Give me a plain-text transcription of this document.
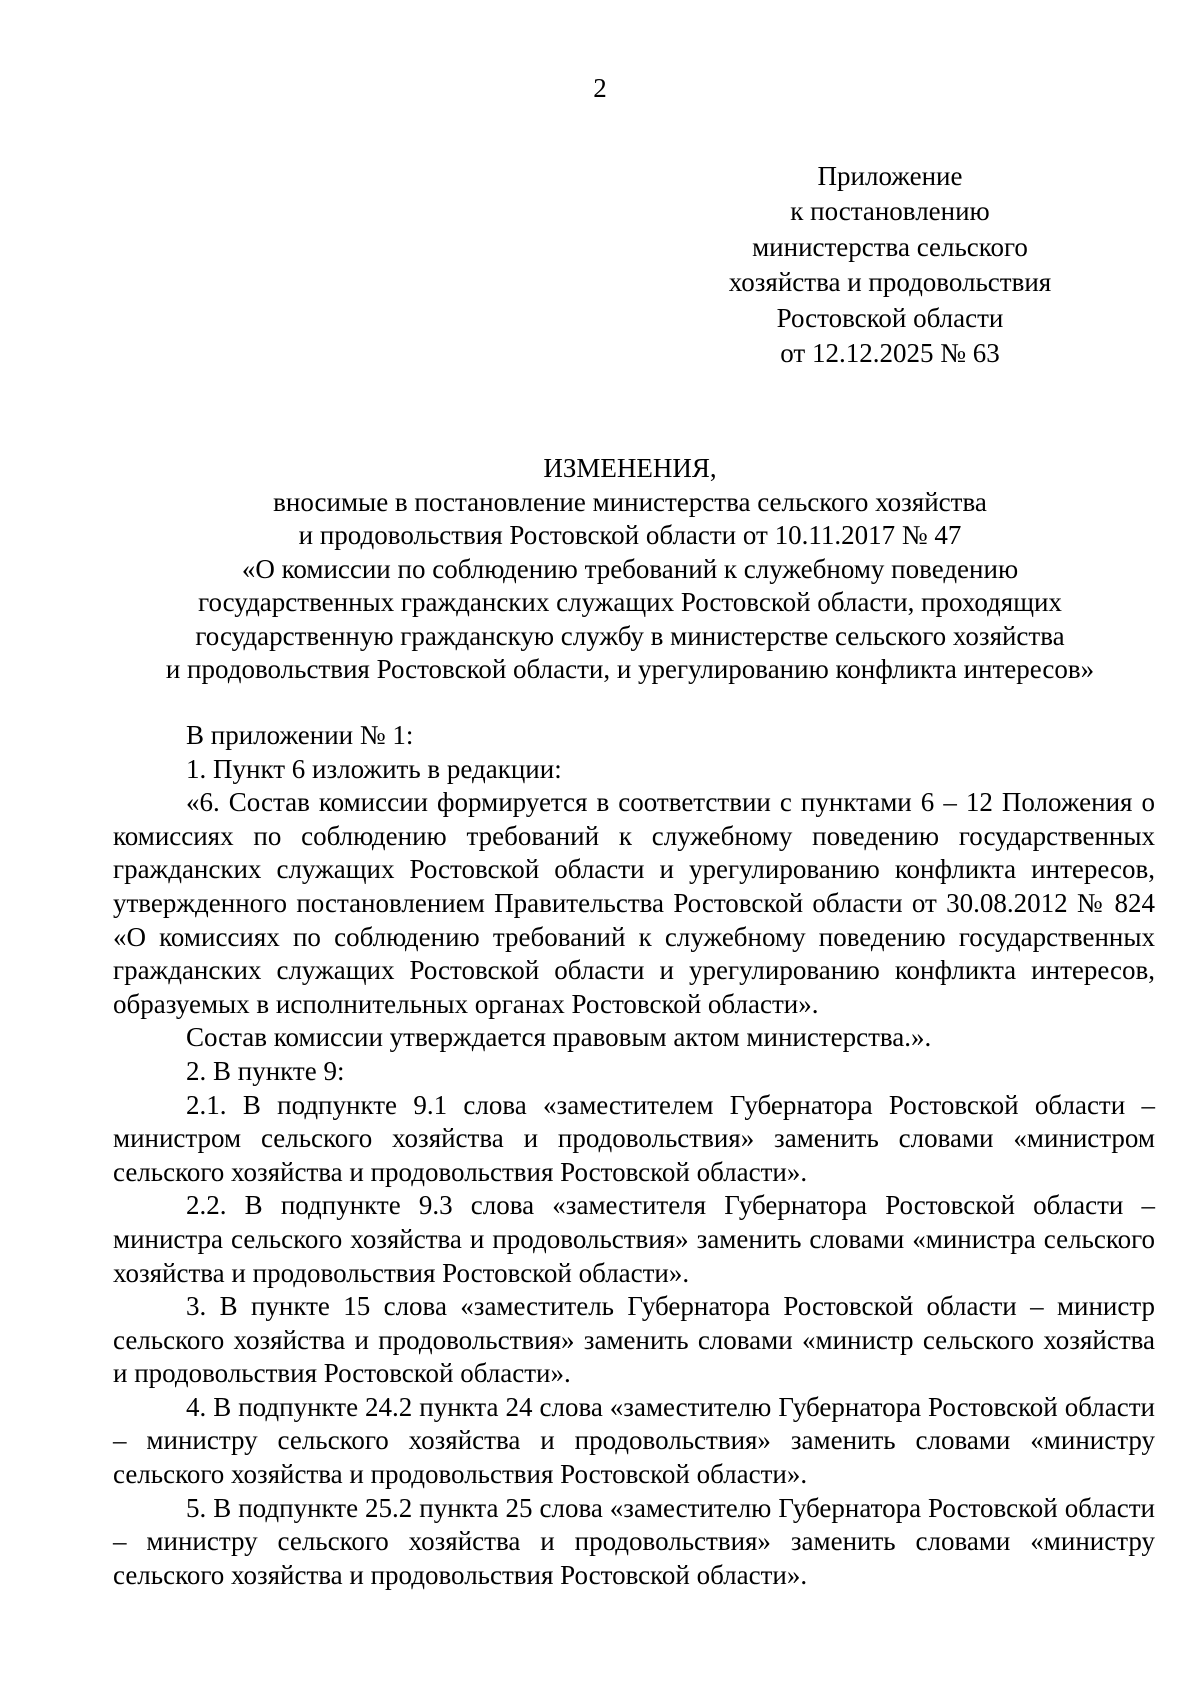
2
Приложение
к постановлению
министерства сельского
хозяйства и продовольствия
Ростовской области
от 12.12.2025 № 63
ИЗМЕНЕНИЯ,
вносимые в постановление министерства сельского хозяйства
и продовольствия Ростовской области от 10.11.2017 № 47
«О комиссии по соблюдению требований к служебному поведению
государственных гражданских служащих Ростовской области, проходящих
государственную гражданскую службу в министерстве сельского хозяйства
и продовольствия Ростовской области, и урегулированию конфликта интересов»

В приложении № 1:

1. Пункт 6 изложить в редакции:

«6. Состав комиссии формируется в соответствии с пунктами 6 – 12 Положения о комиссиях по соблюдению требований к служебному поведению государственных гражданских служащих Ростовской области и урегулированию конфликта интересов, утвержденного постановлением Правительства Ростовской области от 30.08.2012 № 824 «О комиссиях по соблюдению требований к служебному поведению государственных гражданских служащих Ростовской области и урегулированию конфликта интересов, образуемых в исполнительных органах Ростовской области».

Состав комиссии утверждается правовым актом министерства.».

2. В пункте 9:

2.1. В подпункте 9.1 слова «заместителем Губернатора Ростовской области – министром сельского хозяйства и продовольствия» заменить словами «министром сельского хозяйства и продовольствия Ростовской области».

2.2. В подпункте 9.3 слова «заместителя Губернатора Ростовской области – министра сельского хозяйства и продовольствия» заменить словами «министра сельского хозяйства и продовольствия Ростовской области».

3. В пункте 15 слова «заместитель Губернатора Ростовской области – министр сельского хозяйства и продовольствия» заменить словами «министр сельского хозяйства и продовольствия Ростовской области».

4. В подпункте 24.2 пункта 24 слова «заместителю Губернатора Ростовской области – министру сельского хозяйства и продовольствия» заменить словами «министру сельского хозяйства и продовольствия Ростовской области».

5. В подпункте 25.2 пункта 25 слова «заместителю Губернатора Ростовской области – министру сельского хозяйства и продовольствия» заменить словами «министру сельского хозяйства и продовольствия Ростовской области».
